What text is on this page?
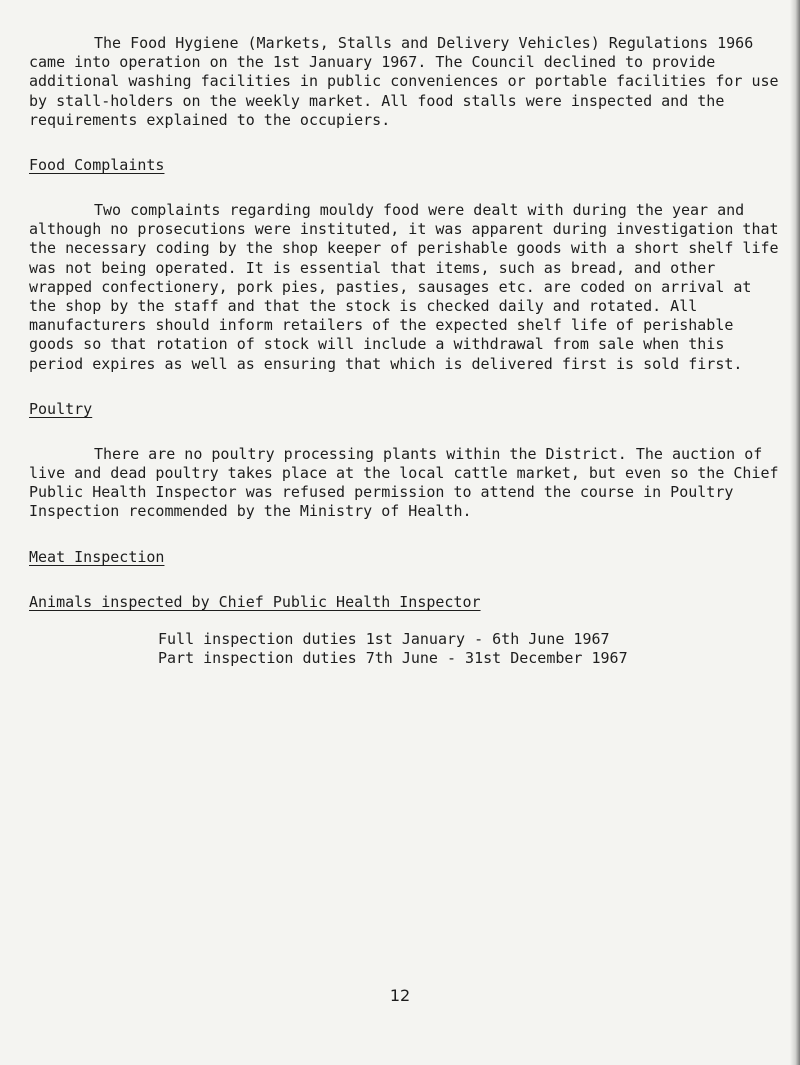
The Food Hygiene (Markets, Stalls and Delivery Vehicles) Regulations 1966 came into operation on the 1st January 1967. The Council declined to provide additional washing facilities in public conveniences or portable facilities for use by stall-holders on the weekly market. All food stalls were inspected and the requirements explained to the occupiers.

Food Complaints

Two complaints regarding mouldy food were dealt with during the year and although no prosecutions were instituted, it was apparent during investigation that the necessary coding by the shop keeper of perishable goods with a short shelf life was not being operated. It is essential that items, such as bread, and other wrapped confectionery, pork pies, pasties, sausages etc. are coded on arrival at the shop by the staff and that the stock is checked daily and rotated. All manufacturers should inform retailers of the expected shelf life of perishable goods so that rotation of stock will include a withdrawal from sale when this period expires as well as ensuring that which is delivered first is sold first.

Poultry

There are no poultry processing plants within the District. The auction of live and dead poultry takes place at the local cattle market, but even so the Chief Public Health Inspector was refused permission to attend the course in Poultry Inspection recommended by the Ministry of Health.

Meat Inspection

Animals inspected by Chief Public Health Inspector

Full inspection duties 1st January - 6th June 1967

Part inspection duties 7th June - 31st December 1967

12
